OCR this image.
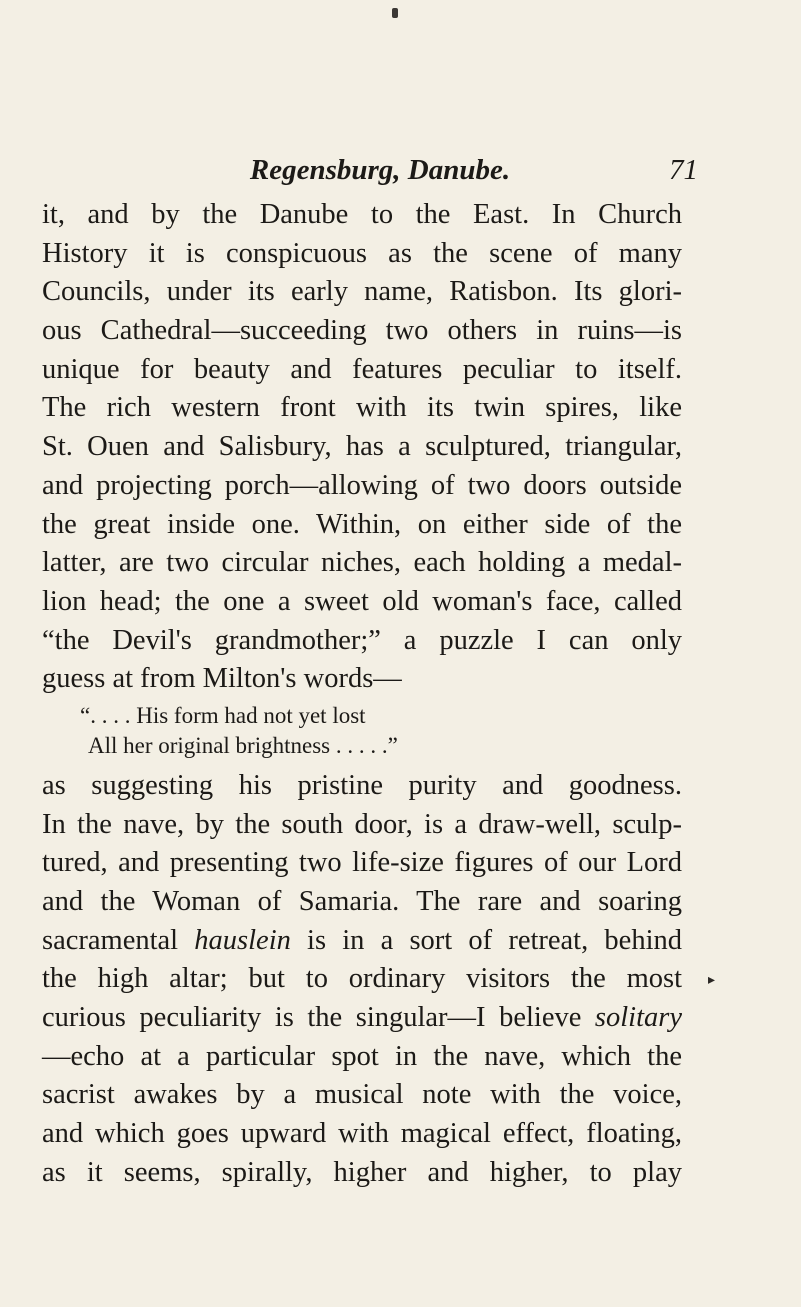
Regensburg, Danube.	71
it, and by the Danube to the East. In Church
History it is conspicuous as the scene of many
Councils, under its early name, Ratisbon. Its glori-
ous Cathedral—succeeding two others in ruins—is
unique for beauty and features peculiar to itself.
The rich western front with its twin spires, like
St. Ouen and Salisbury, has a sculptured, triangular,
and projecting porch—allowing of two doors outside
the great inside one. Within, on either side of the
latter, are two circular niches, each holding a medal-
lion head; the one a sweet old woman's face, called
“the Devil's grandmother;” a puzzle I can only
guess at from Milton's words—
“. . . . His form had not yet lost
All her original brightness . . . . .”
as suggesting his pristine purity and goodness.
In the nave, by the south door, is a draw-well, sculp-
tured, and presenting two life-size figures of our Lord
and the Woman of Samaria. The rare and soaring
sacramental hauslein is in a sort of retreat, behind
the high altar; but to ordinary visitors the most
curious peculiarity is the singular—I believe solitary
—echo at a particular spot in the nave, which the
sacrist awakes by a musical note with the voice,
and which goes upward with magical effect, floating,
as it seems, spirally, higher and higher, to play
▸
